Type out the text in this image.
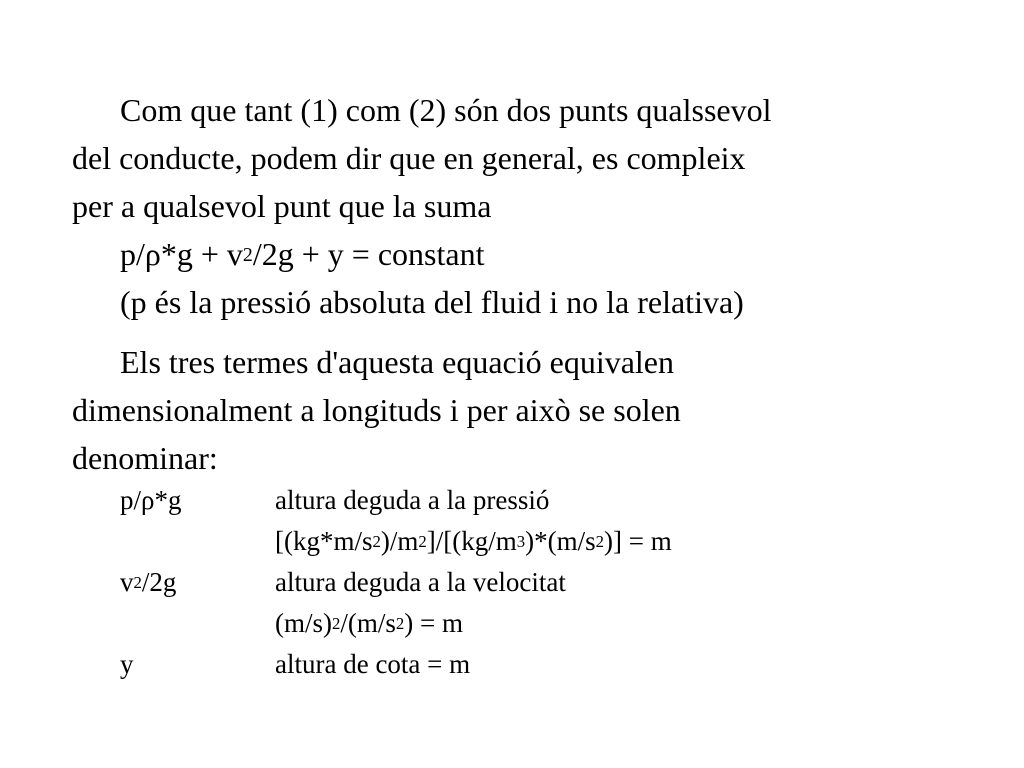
Com que tant (1) com (2) són dos punts qualssevol
del conducte, podem dir que en general, es compleix
per a qualsevol punt que la suma
$p/\rho*g + v^2/2g + y$ = constant
(p és la pressió absoluta del fluid i no la relativa)
Els tres termes d'aquesta equació equivalen
dimensionalment a longituds i per això se solen
denominar:
p/ρ*g	altura deguda a la pressió
$[(kg*m/s^2)/m^2]/[(kg/m^3)*(m/s^2)] = m$
$v^2/2g$	altura deguda a la velocitat
$(m/s)^2/(m/s^2) = m$
y	altura de cota = m
